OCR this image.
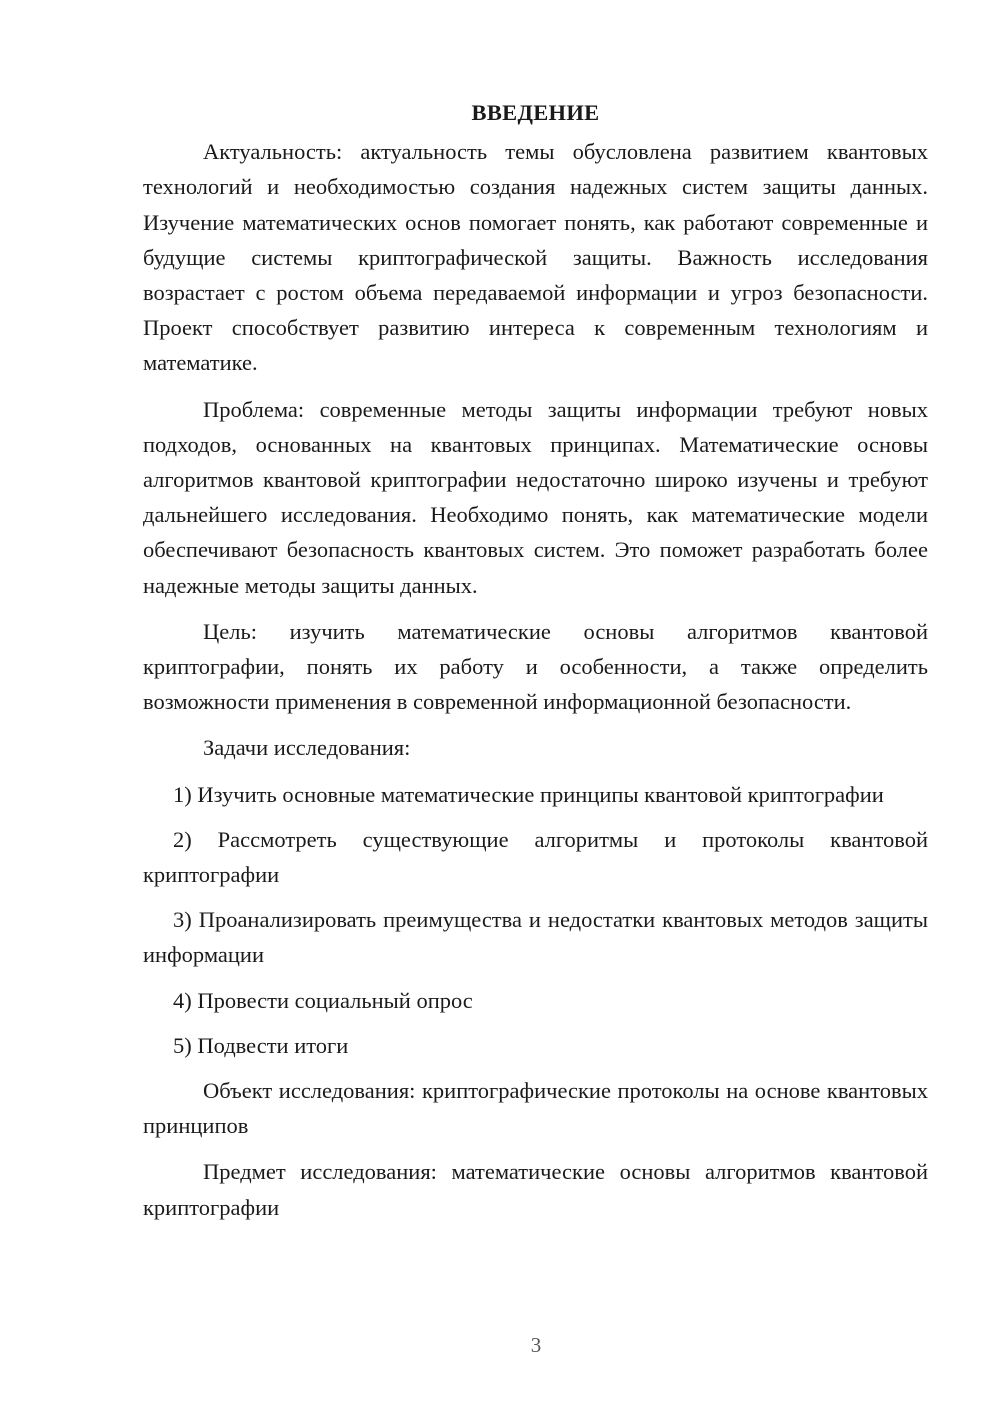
ВВЕДЕНИЕ

Актуальность: актуальность темы обусловлена развитием квантовых технологий и необходимостью создания надежных систем защиты данных. Изучение математических основ помогает понять, как работают современные и будущие системы криптографической защиты. Важность исследования возрастает с ростом объема передаваемой информации и угроз безопасности. Проект способствует развитию интереса к современным технологиям и математике.

Проблема: современные методы защиты информации требуют новых подходов, основанных на квантовых принципах. Математические основы алгоритмов квантовой криптографии недостаточно широко изучены и требуют дальнейшего исследования. Необходимо понять, как математические модели обеспечивают безопасность квантовых систем. Это поможет разработать более надежные методы защиты данных.

Цель: изучить математические основы алгоритмов квантовой криптографии, понять их работу и особенности, а также определить возможности применения в современной информационной безопасности.

Задачи исследования:

1) Изучить основные математические принципы квантовой криптографии

2) Рассмотреть существующие алгоритмы и протоколы квантовой криптографии

3) Проанализировать преимущества и недостатки квантовых методов защиты информации

4) Провести социальный опрос

5) Подвести итоги

Объект исследования: криптографические протоколы на основе квантовых принципов

Предмет исследования: математические основы алгоритмов квантовой криптографии

3
